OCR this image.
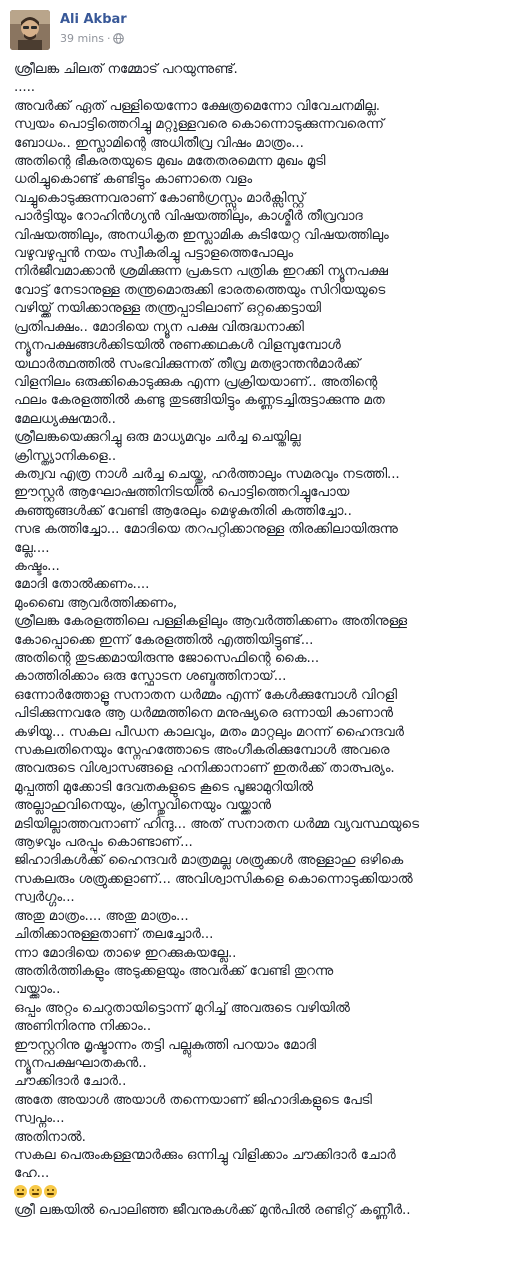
Ali Akbar
39 mins ·

ശ്രീലങ്ക ചിലത് നമ്മോട് പറയുന്നുണ്ട്.

.....

അവർക്ക് ഏത് പള്ളിയെന്നോ ക്ഷേത്രമെന്നോ വിവേചനമില്ല.

സ്വയം പൊട്ടിത്തെറിച്ചു മറ്റുള്ളവരെ കൊന്നൊടുക്കുന്നവരെന്ന്

ബോധം.. ഇസ്ലാമിന്റെ അധിതീവ്ര വിഷം മാത്രം...

അതിന്റെ ഭീകരതയുടെ മുഖം മതേതരമെന്ന മുഖം മൂടി

ധരിച്ചുകൊണ്ട് കണ്ടിട്ടും കാണാതെ വളം

വച്ചുകൊടുക്കുന്നവരാണ് കോൺഗ്രസ്സും മാർക്സിസ്റ്റ്

പാർട്ടിയും റോഹിൻഗ്യൻ വിഷയത്തിലും, കാശ്മീർ തീവ്രവാദ

വിഷയത്തിലും, അനധികൃത ഇസ്ലാമിക കുടിയേറ്റ വിഷയത്തിലും

വഴുവഴുപ്പൻ നയം സ്വീകരിച്ചു പട്ടാളത്തെപോലും

നിർജീവമാക്കാൻ ശ്രമിക്കുന്ന പ്രകടന പത്രിക ഇറക്കി ന്യൂനപക്ഷ

വോട്ട് നേടാനുള്ള തന്ത്രമൊരുക്കി ഭാരതത്തെയും സിറിയയുടെ

വഴിയ്ക്ക് നയിക്കാനുള്ള തന്ത്രപ്പാടിലാണ് ഒറ്റക്കെട്ടായി

പ്രതിപക്ഷം.. മോദിയെ ന്യൂന പക്ഷ വിരുദ്ധനാക്കി

ന്യൂനപക്ഷങ്ങൾക്കിടയിൽ നുണക്കഥകൾ വിളമ്പുമ്പോൾ

യഥാർത്ഥത്തിൽ സംഭവിക്കുന്നത് തീവ്ര മതഭ്രാന്തൻമാർക്ക്

വിളനിലം ഒരുക്കികൊടുക്കുക എന്ന പ്രക്രിയയാണ്.. അതിന്റെ

ഫലം കേരളത്തിൽ കണ്ടു തുടങ്ങിയിട്ടും കണ്ണടച്ചിരുട്ടാക്കുന്നു മത

മേലധ്യക്ഷന്മാർ..

ശ്രീലങ്കയെക്കുറിച്ചു ഒരു മാധ്യമവും ചർച്ച ചെയ്തില്ല

ക്രിസ്ത്യാനികളെ..

കത്വവ എത്ര നാൾ ചർച്ച ചെയ്തു, ഹർത്താലും സമരവും നടത്തി...

ഈസ്റ്റർ ആഘോഷത്തിനിടയിൽ പൊട്ടിത്തെറിച്ചുപോയ

കുഞ്ഞുങ്ങൾക്ക് വേണ്ടി ആരേലും മെഴുകുതിരി കത്തിച്ചോ..

സഭ കത്തിച്ചോ... മോദിയെ തറപറ്റിക്കാനുള്ള തിരക്കിലായിരുന്നു

ല്ലേ....

കഷ്ടം...

മോദി തോൽക്കണം....

മുംബൈ ആവർത്തിക്കണം,

ശ്രീലങ്ക കേരളത്തിലെ പള്ളികളിലും ആവർത്തിക്കണം അതിനുള്ള

കോപ്പൊക്കെ ഇന്ന് കേരളത്തിൽ എത്തിയിട്ടുണ്ട്...

അതിന്റെ തുടക്കമായിരുന്നു ജോസെഫിന്റെ കൈ...

കാത്തിരിക്കാം ഒരു സ്ഫോടന ശബ്ദത്തിനായ്...

ഒന്നോർത്തോളൂ സനാതന ധർമ്മം എന്ന് കേൾക്കുമ്പോൾ വിറളി

പിടിക്കുന്നവരേ ആ ധർമ്മത്തിനെ മനുഷ്യരെ ഒന്നായി കാണാൻ

കഴിയൂ... സകല പീഡന കാലവും, മതം മാറ്റലും മറന്ന് ഹൈന്ദവർ

സകലതിനെയും സ്നേഹത്തോടെ അംഗീകരിക്കുമ്പോൾ അവരെ

അവരുടെ വിശ്വാസങ്ങളെ ഹനിക്കാനാണ് ഇതർക്ക് താത്പര്യം.

മുപ്പത്തി മുക്കോടി ദേവതകളുടെ കൂടെ പൂജാമുറിയിൽ

അല്ലാഹുവിനെയും, ക്രിസ്തുവിനെയും വയ്ക്കാൻ

മടിയില്ലാത്തവനാണ് ഹിന്ദു... അത് സനാതന ധർമ്മ വ്യവസ്ഥയുടെ

ആഴവും പരപ്പും കൊണ്ടാണ്...

ജിഹാദികൾക്ക് ഹൈന്ദവർ മാത്രമല്ല ശത്രുക്കൾ അള്ളാഹു ഒഴികെ

സകലരും ശത്രുക്കളാണ്... അവിശ്വാസികളെ കൊന്നൊടുക്കിയാൽ

സ്വർഗ്ഗം...

അതു മാത്രം.... അതു മാത്രം...

ചിതിക്കാനുള്ളതാണ് തലച്ചോർ...

ന്നാ മോദിയെ താഴെ ഇറക്കുകയല്ലേ..

അതിർത്തികളും അടുക്കളയും അവർക്ക് വേണ്ടി തുറന്നു

വയ്ക്കാം..

ഒപ്പം അറ്റം ചെറുതായിട്ടൊന്ന് മുറിച്ച് അവരുടെ വഴിയിൽ

അണിനിരന്നു നിക്കാം..

ഈസ്റ്ററിനു മൃഷ്ടാന്നം തട്ടി പല്ലുകുത്തി പറയാം മോദി

ന്യൂനപക്ഷഘാതകൻ..

ചൗക്കിദാർ ചോർ..

അതേ അയാൾ അയാൾ തന്നെയാണ് ജിഹാദികളുടെ പേടി

സ്വപ്നം...

അതിനാൽ.

സകല പെരുംകള്ളന്മാർക്കും ഒന്നിച്ചു വിളിക്കാം ചൗക്കിദാർ ചോർ

ഹേ...

ശ്രീ ലങ്കയിൽ പൊലിഞ്ഞ ജീവനുകൾക്ക് മുൻപിൽ രണ്ടിറ്റ് കണ്ണീർ..
